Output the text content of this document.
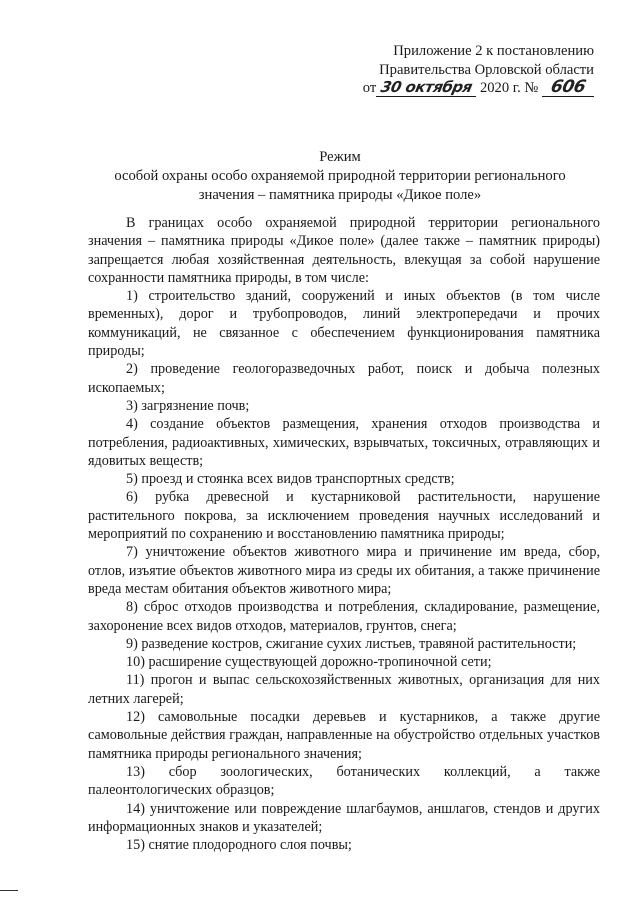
Приложение 2 к постановлению
Правительства Орловской области
от 30 октября 2020 г. № 606
Режим
особой охраны особо охраняемой природной территории регионального
значения – памятника природы «Дикое поле»

В границах особо охраняемой природной территории регионального значения – памятника природы «Дикое поле» (далее также – памятник природы) запрещается любая хозяйственная деятельность, влекущая за собой нарушение сохранности памятника природы, в том числе:

1) строительство зданий, сооружений и иных объектов (в том числе временных), дорог и трубопроводов, линий электропередачи и прочих коммуникаций, не связанное с обеспечением функционирования памятника природы;

2) проведение геологоразведочных работ, поиск и добыча полезных ископаемых;

3) загрязнение почв;

4) создание объектов размещения, хранения отходов производства и потребления, радиоактивных, химических, взрывчатых, токсичных, отравляющих и ядовитых веществ;

5) проезд и стоянка всех видов транспортных средств;

6) рубка древесной и кустарниковой растительности, нарушение растительного покрова, за исключением проведения научных исследований и мероприятий по сохранению и восстановлению памятника природы;

7) уничтожение объектов животного мира и причинение им вреда, сбор, отлов, изъятие объектов животного мира из среды их обитания, а также причинение вреда местам обитания объектов животного мира;

8) сброс отходов производства и потребления, складирование, размещение, захоронение всех видов отходов, материалов, грунтов, снега;

9) разведение костров, сжигание сухих листьев, травяной растительности;

10) расширение существующей дорожно-тропиночной сети;

11) прогон и выпас сельскохозяйственных животных, организация для них летних лагерей;

12) самовольные посадки деревьев и кустарников, а также другие самовольные действия граждан, направленные на обустройство отдельных участков памятника природы регионального значения;

13) сбор зоологических, ботанических коллекций, а также палеонтологических образцов;

14) уничтожение или повреждение шлагбаумов, аншлагов, стендов и других информационных знаков и указателей;

15) снятие плодородного слоя почвы;
